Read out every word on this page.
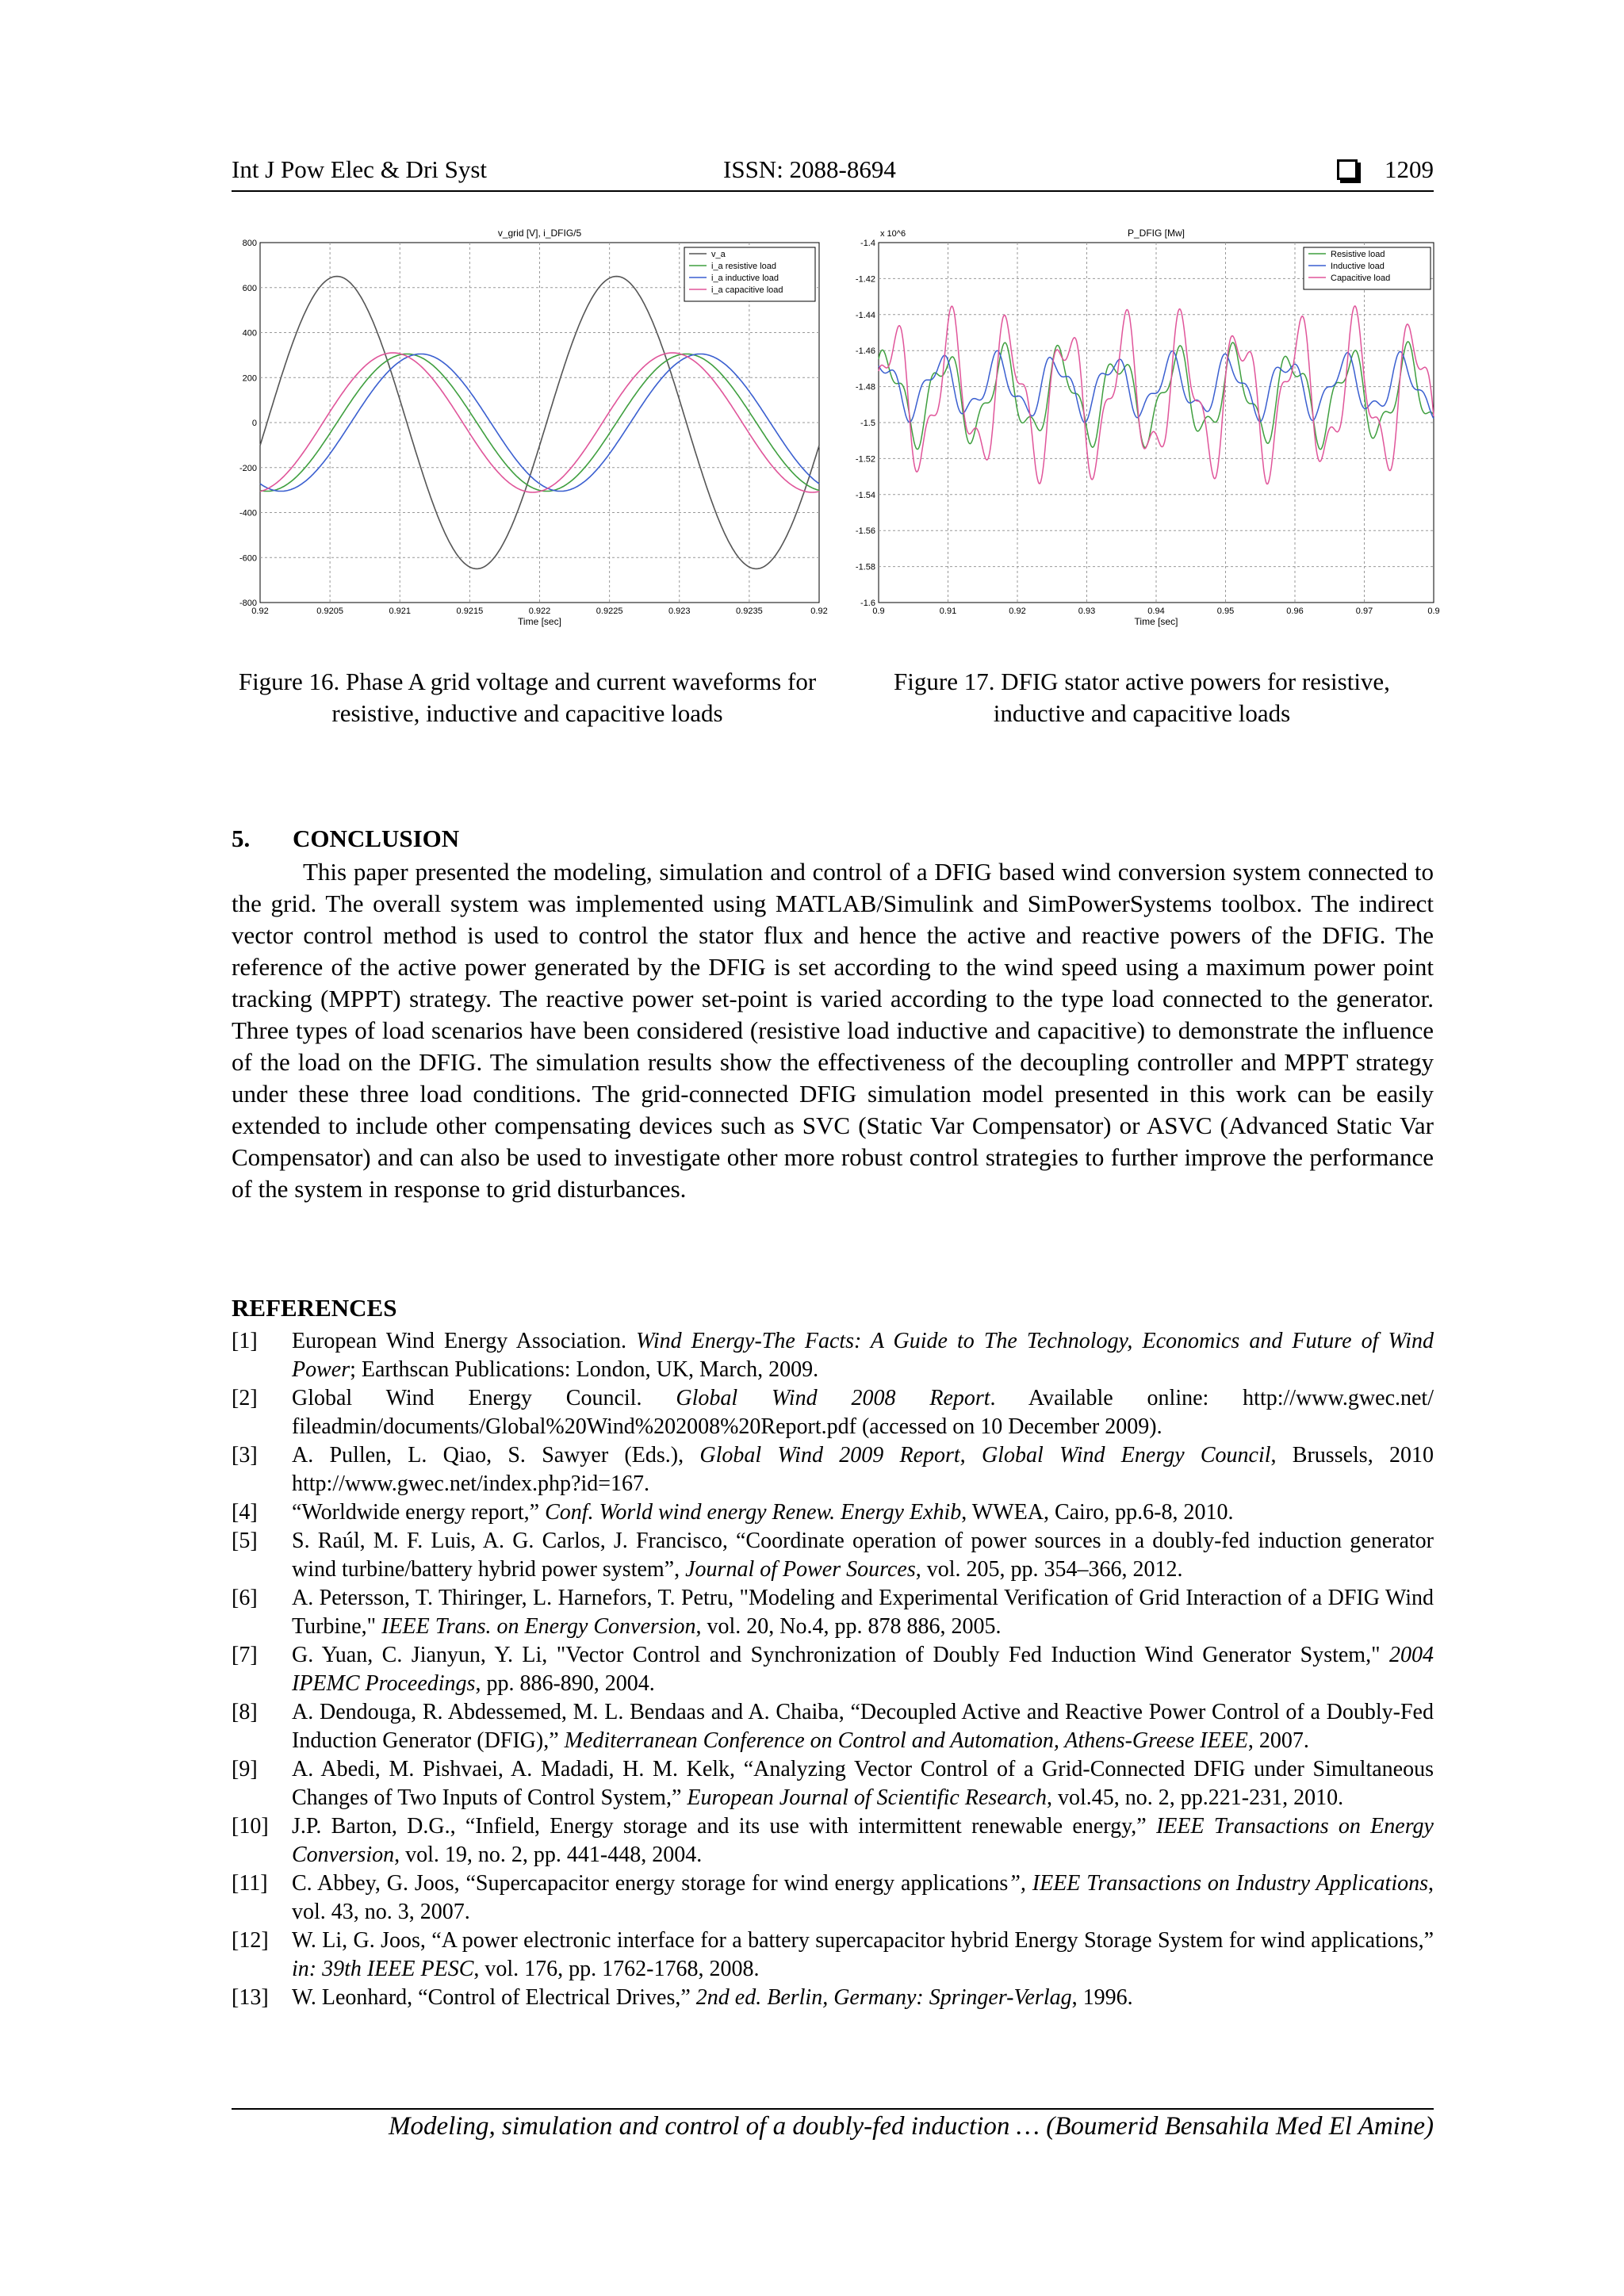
Int J Pow Elec & Dri Syst	ISSN: 2088-8694	1209
0.92	0.9205	0.921	0.9215	0.922	0.9225	0.923	0.9235	0.92
800
600
400
200
0
-200
-400
-600
-800
Time [sec]
v_grid [V], i_DFIG/5
v_a
i_a resistive load
i_a inductive load
i_a capacitive load
Figure 16. Phase A grid voltage and current waveforms for resistive, inductive and capacitive loads
0.9	0.91	0.92	0.93	0.94	0.95	0.96	0.97	0.9
-1.4
-1.42
-1.44
-1.46
-1.48
-1.5
-1.52
-1.54
-1.56
-1.58
-1.6
Time [sec]
P_DFIG [Mw]
x 10^6
Resistive load
Inductive load
Capacitive load
Figure 17. DFIG stator active powers for resistive, inductive and capacitive loads
5. CONCLUSION

This paper presented the modeling, simulation and control of a DFIG based wind conversion system connected to the grid. The overall system was implemented using MATLAB/Simulink and SimPowerSystems toolbox. The indirect vector control method is used to control the stator flux and hence the active and reactive powers of the DFIG. The reference of the active power generated by the DFIG is set according to the wind speed using a maximum power point tracking (MPPT) strategy. The reactive power set-point is varied according to the type load connected to the generator. Three types of load scenarios have been considered (resistive load inductive and capacitive) to demonstrate the influence of the load on the DFIG. The simulation results show the effectiveness of the decoupling controller and MPPT strategy under these three load conditions. The grid-connected DFIG simulation model presented in this work can be easily extended to include other compensating devices such as SVC (Static Var Compensator) or ASVC (Advanced Static Var Compensator) and can also be used to investigate other more robust control strategies to further improve the performance of the system in response to grid disturbances.

REFERENCES
[1] European Wind Energy Association. Wind Energy-The Facts: A Guide to The Technology, Economics and Future of Wind Power; Earthscan Publications: London, UK, March, 2009.
[2] Global Wind Energy Council. Global Wind 2008 Report. Available online: http://www.gwec.net/ fileadmin/documents/Global%20Wind%202008%20Report.pdf (accessed on 10 December 2009).
[3] A. Pullen, L. Qiao, S. Sawyer (Eds.), Global Wind 2009 Report, Global Wind Energy Council, Brussels, 2010 http://www.gwec.net/index.php?id=167.
[4] “Worldwide energy report,” Conf. World wind energy Renew. Energy Exhib, WWEA, Cairo, pp.6-8, 2010.
[5] S. Raúl, M. F. Luis, A. G. Carlos, J. Francisco, “Coordinate operation of power sources in a doubly-fed induction generator wind turbine/battery hybrid power system”, Journal of Power Sources, vol. 205, pp. 354–366, 2012.
[6] A. Petersson, T. Thiringer, L. Harnefors, T. Petru, "Modeling and Experimental Verification of Grid Interaction of a DFIG Wind Turbine," IEEE Trans. on Energy Conversion, vol. 20, No.4, pp. 878 886, 2005.
[7] G. Yuan, C. Jianyun, Y. Li, "Vector Control and Synchronization of Doubly Fed Induction Wind Generator System," 2004 IPEMC Proceedings, pp. 886-890, 2004.
[8] A. Dendouga, R. Abdessemed, M. L. Bendaas and A. Chaiba, “Decoupled Active and Reactive Power Control of a Doubly-Fed Induction Generator (DFIG),” Mediterranean Conference on Control and Automation, Athens-Greese IEEE, 2007.
[9] A. Abedi, M. Pishvaei, A. Madadi, H. M. Kelk, “Analyzing Vector Control of a Grid-Connected DFIG under Simultaneous Changes of Two Inputs of Control System,” European Journal of Scientific Research, vol.45, no. 2, pp.221-231, 2010.
[10] J.P. Barton, D.G., “Infield, Energy storage and its use with intermittent renewable energy,” IEEE Transactions on Energy Conversion, vol. 19, no. 2, pp. 441-448, 2004.
[11] C. Abbey, G. Joos, “Supercapacitor energy storage for wind energy applications”, IEEE Transactions on Industry Applications, vol. 43, no. 3, 2007.
[12] W. Li, G. Joos, “A power electronic interface for a battery supercapacitor hybrid Energy Storage System for wind applications,” in: 39th IEEE PESC, vol. 176, pp. 1762-1768, 2008.
[13] W. Leonhard, “Control of Electrical Drives,” 2nd ed. Berlin, Germany: Springer-Verlag, 1996.
Modeling, simulation and control of a doubly-fed induction … (Boumerid Bensahila Med El Amine)
